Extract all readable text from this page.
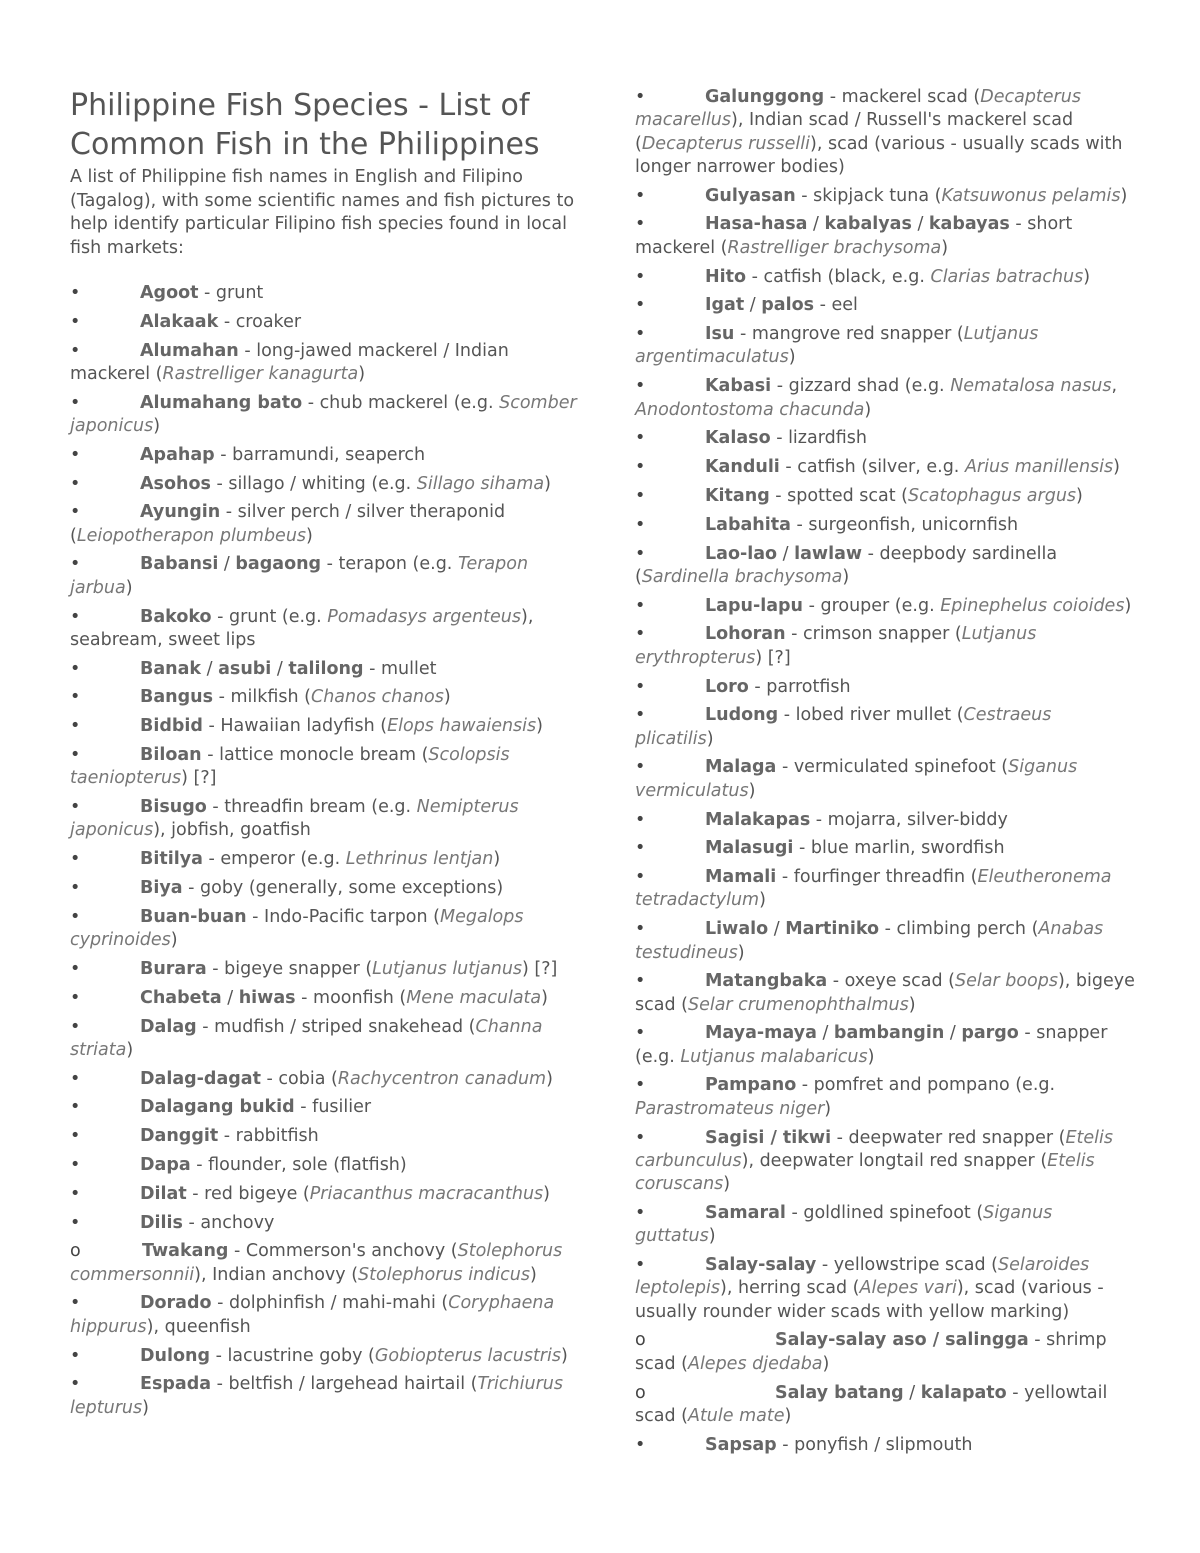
Philippine Fish Species - List of Common Fish in the Philippines

A list of Philippine fish names in English and Filipino (Tagalog), with some scientific names and fish pictures to help identify particular Filipino fish species found in local fish markets:

•	Agoot - grunt

•	Alakaak - croaker

•	Alumahan - long-jawed mackerel / Indian mackerel (Rastrelliger kanagurta)

•	Alumahang bato - chub mackerel (e.g. Scomber japonicus)

•	Apahap - barramundi, seaperch

•	Asohos - sillago / whiting (e.g. Sillago sihama)

•	Ayungin - silver perch / silver theraponid (Leiopotherapon plumbeus)

•	Babansi / bagaong - terapon (e.g. Terapon jarbua)

•	Bakoko - grunt (e.g. Pomadasys argenteus), seabream, sweet lips

•	Banak / asubi / talilong - mullet

•	Bangus - milkfish (Chanos chanos)

•	Bidbid - Hawaiian ladyfish (Elops hawaiensis)

•	Biloan - lattice monocle bream (Scolopsis taeniopterus) [?]

•	Bisugo - threadfin bream (e.g. Nemipterus japonicus), jobfish, goatfish

•	Bitilya - emperor (e.g. Lethrinus lentjan)

•	Biya - goby (generally, some exceptions)

•	Buan-buan - Indo-Pacific tarpon (Megalops cyprinoides)

•	Burara - bigeye snapper (Lutjanus lutjanus) [?]

•	Chabeta / hiwas - moonfish (Mene maculata)

•	Dalag - mudfish / striped snakehead (Channa striata)

•	Dalag-dagat - cobia (Rachycentron canadum)

•	Dalagang bukid - fusilier

•	Danggit - rabbitfish

•	Dapa - flounder, sole (flatfish)

•	Dilat - red bigeye (Priacanthus macracanthus)

•	Dilis - anchovy

o	Twakang - Commerson's anchovy (Stolephorus commersonnii), Indian anchovy (Stolephorus indicus)

•	Dorado - dolphinfish / mahi-mahi (Coryphaena hippurus), queenfish

•	Dulong - lacustrine goby (Gobiopterus lacustris)

•	Espada - beltfish / largehead hairtail (Trichiurus lepturus)

•	Galunggong - mackerel scad (Decapterus macarellus), Indian scad / Russell's mackerel scad (Decapterus russelli), scad (various - usually scads with longer narrower bodies)

•	Gulyasan - skipjack tuna (Katsuwonus pelamis)

•	Hasa-hasa / kabalyas / kabayas - short mackerel (Rastrelliger brachysoma)

•	Hito - catfish (black, e.g. Clarias batrachus)

•	Igat / palos - eel

•	Isu - mangrove red snapper (Lutjanus argentimaculatus)

•	Kabasi - gizzard shad (e.g. Nematalosa nasus, Anodontostoma chacunda)

•	Kalaso - lizardfish

•	Kanduli - catfish (silver, e.g. Arius manillensis)

•	Kitang - spotted scat (Scatophagus argus)

•	Labahita - surgeonfish, unicornfish

•	Lao-lao / lawlaw - deepbody sardinella (Sardinella brachysoma)

•	Lapu-lapu - grouper (e.g. Epinephelus coioides)

•	Lohoran - crimson snapper (Lutjanus erythropterus) [?]

•	Loro - parrotfish

•	Ludong - lobed river mullet (Cestraeus plicatilis)

•	Malaga - vermiculated spinefoot (Siganus vermiculatus)

•	Malakapas - mojarra, silver-biddy

•	Malasugi - blue marlin, swordfish

•	Mamali - fourfinger threadfin (Eleutheronema tetradactylum)

•	Liwalo / Martiniko - climbing perch (Anabas testudineus)

•	Matangbaka - oxeye scad (Selar boops), bigeye scad (Selar crumenophthalmus)

•	Maya-maya / bambangin / pargo - snapper (e.g. Lutjanus malabaricus)

•	Pampano - pomfret and pompano (e.g. Parastromateus niger)

•	Sagisi / tikwi - deepwater red snapper (Etelis carbunculus), deepwater longtail red snapper (Etelis coruscans)

•	Samaral - goldlined spinefoot (Siganus guttatus)

•	Salay-salay - yellowstripe scad (Selaroides leptolepis), herring scad (Alepes vari), scad (various - usually rounder wider scads with yellow marking)

o	Salay-salay aso / salingga - shrimp scad (Alepes djedaba)

o	Salay batang / kalapato - yellowtail scad (Atule mate)

•	Sapsap - ponyfish / slipmouth
